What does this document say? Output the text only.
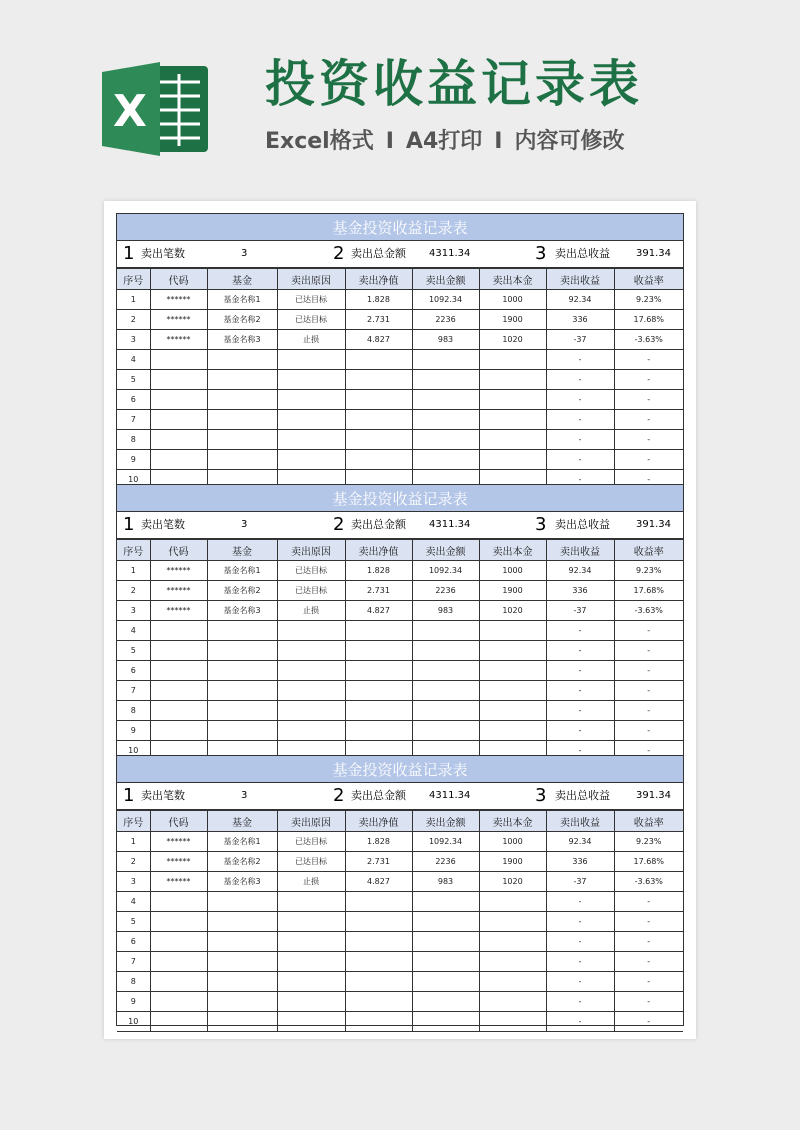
X 投资收益记录表
Excel格式 I A4打印 I 内容可修改
基金投资收益记录表
1 卖出笔数	3	2 卖出总金额 4311.34	3 卖出总收益	391.34
序号	代码	基金	卖出原因	卖出净值	卖出金额	卖出本金	卖出收益	收益率
1	******	基金名称1	已达目标	1.828	1092.34	1000	92.34	9.23%
2	******	基金名称2	已达目标	2.731	2236	1900	336	17.68%
3	******	基金名称3	止损	4.827	983	1020	-37	-3.63%
4							-	-
5							-	-
6							-	-
7							-	-
8							-	-
9							-	-
10							-	-
基金投资收益记录表
1 卖出笔数	3	2 卖出总金额 4311.34	3 卖出总收益	391.34
序号	代码	基金	卖出原因	卖出净值	卖出金额	卖出本金	卖出收益	收益率
1	******	基金名称1	已达目标	1.828	1092.34	1000	92.34	9.23%
2	******	基金名称2	已达目标	2.731	2236	1900	336	17.68%
3	******	基金名称3	止损	4.827	983	1020	-37	-3.63%
4							-	-
5							-	-
6							-	-
7							-	-
8							-	-
9							-	-
10							-	-
基金投资收益记录表
1 卖出笔数	3	2 卖出总金额 4311.34	3 卖出总收益	391.34
序号	代码	基金	卖出原因	卖出净值	卖出金额	卖出本金	卖出收益	收益率
1	******	基金名称1	已达目标	1.828	1092.34	1000	92.34	9.23%
2	******	基金名称2	已达目标	2.731	2236	1900	336	17.68%
3	******	基金名称3	止损	4.827	983	1020	-37	-3.63%
4							-	-
5							-	-
6							-	-
7							-	-
8							-	-
9							-	-
10							-	-
